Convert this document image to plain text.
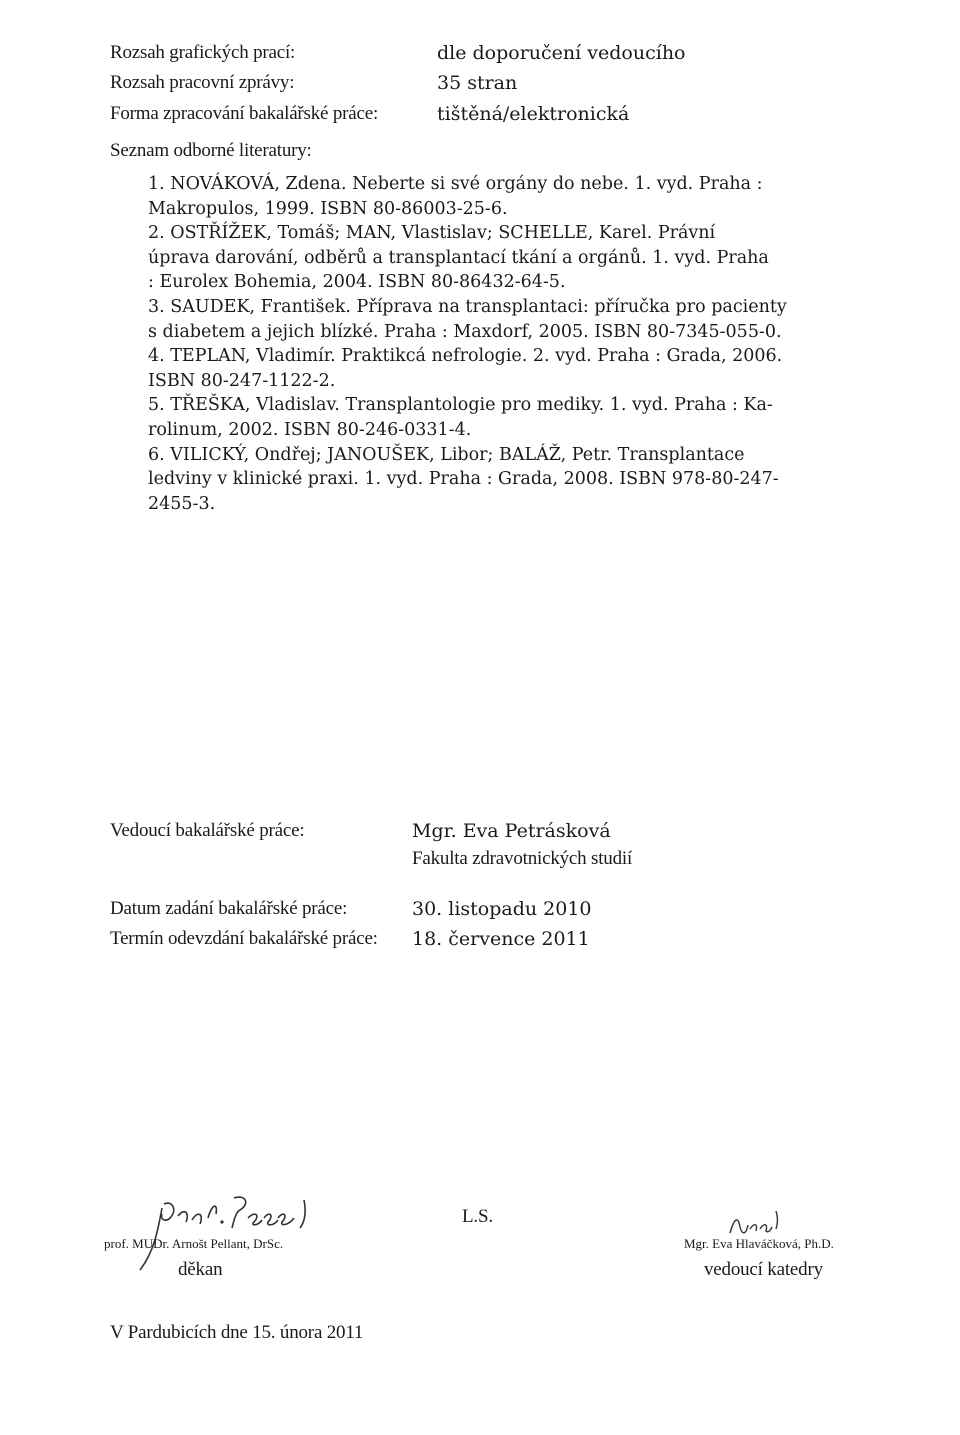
Rozsah grafických prací:	dle doporučení vedoucího
Rozsah pracovní zprávy:	35 stran
Forma zpracování bakalářské práce:	tištěná/elektronická
Seznam odborné literatury:
1. NOVÁKOVÁ, Zdena. Neberte si své orgány do nebe. 1. vyd. Praha :
Makropulos, 1999. ISBN 80-86003-25-6.
2. OSTŘÍŽEK, Tomáš; MAN, Vlastislav; SCHELLE, Karel. Právní
úprava darování, odběrů a transplantací tkání a orgánů. 1. vyd. Praha
: Eurolex Bohemia, 2004. ISBN 80-86432-64-5.
3. SAUDEK, František. Příprava na transplantaci: příručka pro pacienty
s diabetem a jejich blízké. Praha : Maxdorf, 2005. ISBN 80-7345-055-0.
4. TEPLAN, Vladimír. Praktikcá nefrologie. 2. vyd. Praha : Grada, 2006.
ISBN 80-247-1122-2.
5. TŘEŠKA, Vladislav. Transplantologie pro mediky. 1. vyd. Praha : Ka-
rolinum, 2002. ISBN 80-246-0331-4.
6. VILICKÝ, Ondřej; JANOUŠEK, Libor; BALÁŽ, Petr. Transplantace
ledviny v klinické praxi. 1. vyd. Praha : Grada, 2008. ISBN 978-80-247-
2455-3.
Vedoucí bakalářské práce:	Mgr. Eva Petrásková
Fakulta zdravotnických studií
Datum zadání bakalářské práce:	30. listopadu 2010
Termín odevzdání bakalářské práce: 18. července 2011
prof. MUDr. Arnošt Pellant, DrSc.
děkan
L.S.
Mgr. Eva Hlaváčková, Ph.D.
vedoucí katedry
V Pardubicích dne 15. února 2011
